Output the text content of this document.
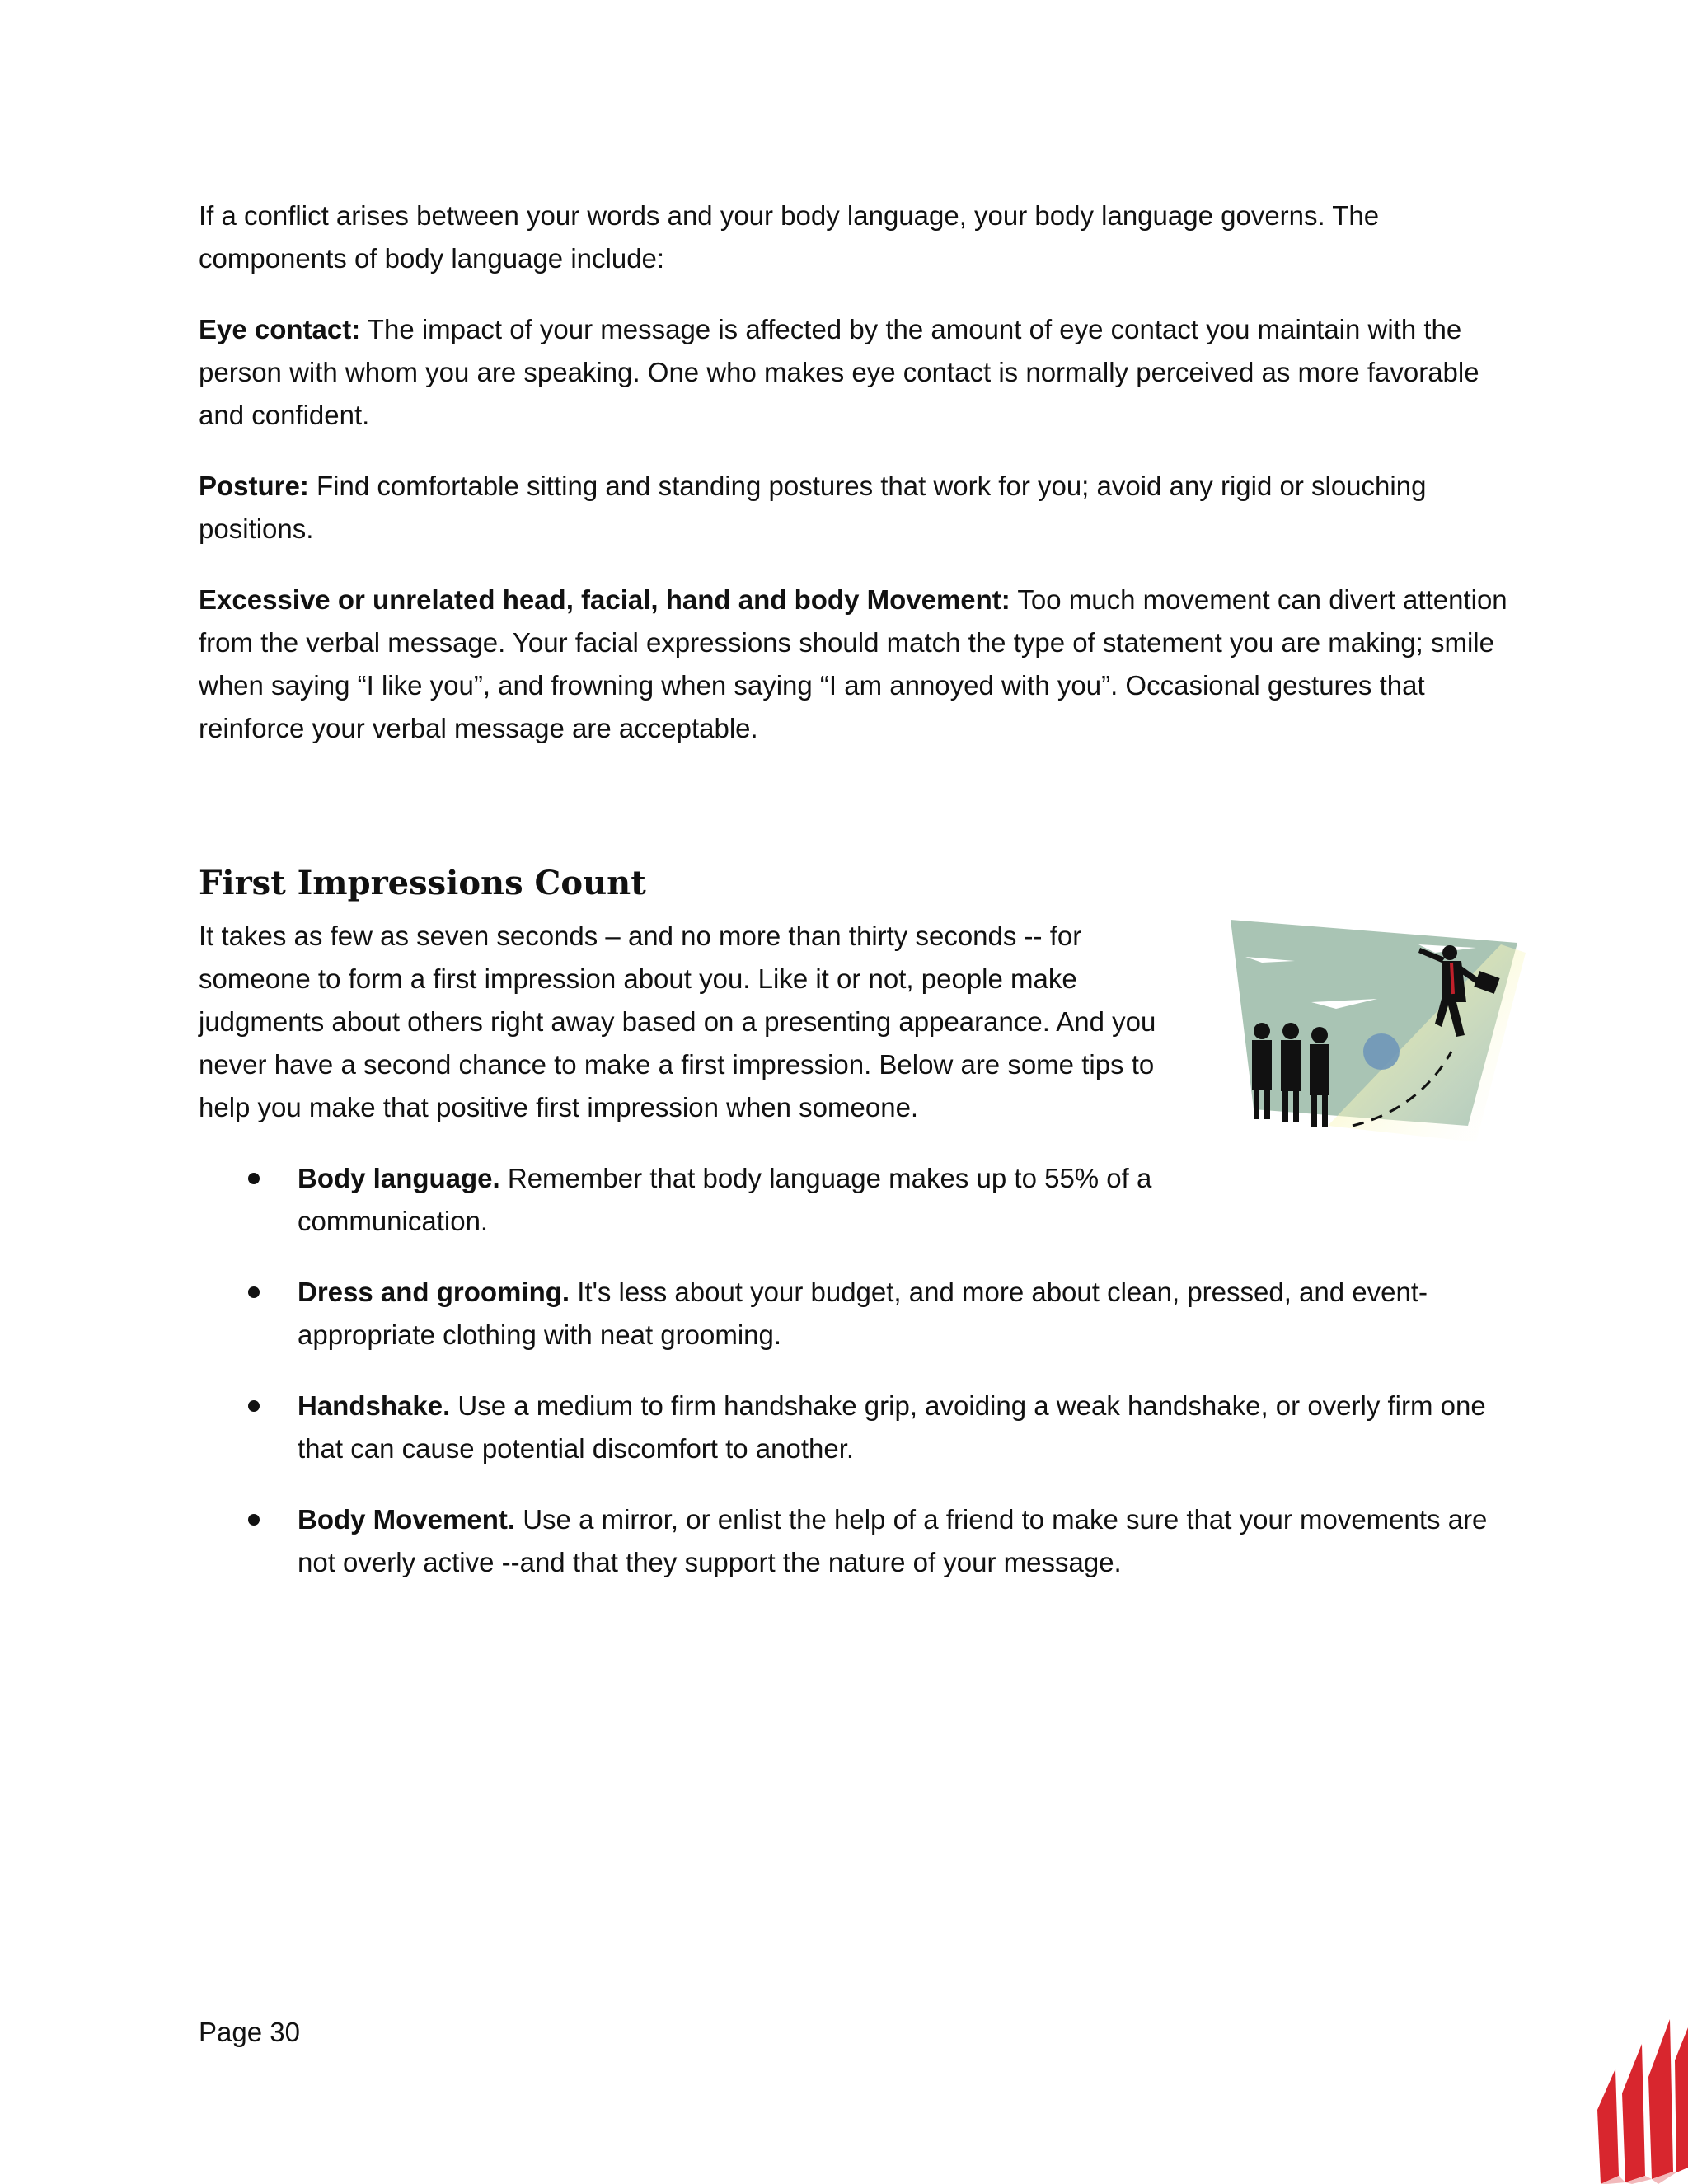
If a conflict arises between your words and your body language, your body language governs. The components of body language include:

Eye contact: The impact of your message is affected by the amount of eye contact you maintain with the person with whom you are speaking. One who makes eye contact is normally perceived as more favorable and confident.

Posture: Find comfortable sitting and standing postures that work for you; avoid any rigid or slouching positions.

Excessive or unrelated head, facial, hand and body Movement: Too much movement can divert attention from the verbal message. Your facial expressions should match the type of statement you are making; smile when saying “I like you”, and frowning when saying “I am annoyed with you”. Occasional gestures that reinforce your verbal message are acceptable.

First Impressions Count

It takes as few as seven seconds – and no more than thirty seconds -- for someone to form a first impression about you. Like it or not, people make judgments about others right away based on a presenting appearance. And you never have a second chance to make a first impression. Below are some tips to help you make that positive first impression when someone.

Body language. Remember that body language makes up to 55% of a communication.
Dress and grooming. It's less about your budget, and more about clean, pressed, and event-appropriate clothing with neat grooming.
Handshake. Use a medium to firm handshake grip, avoiding a weak handshake, or overly firm one that can cause potential discomfort to another.
Body Movement. Use a mirror, or enlist the help of a friend to make sure that your movements are not overly active --and that they support the nature of your message.
Page 30
